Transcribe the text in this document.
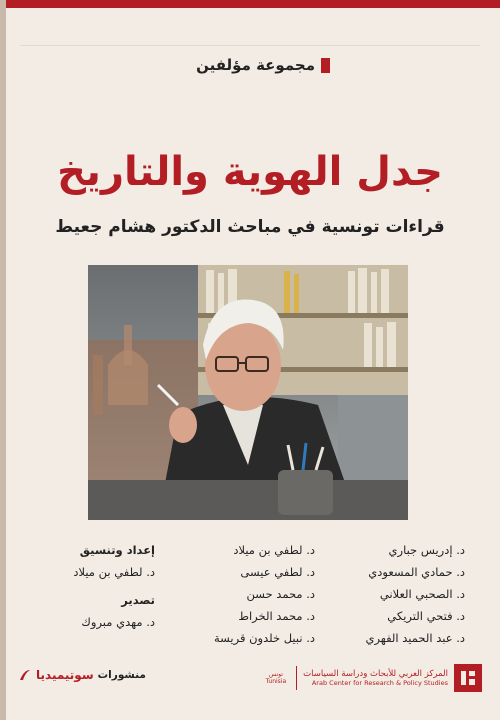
مجموعة مؤلفين
جدل الهوية والتاريخ
قراءات تونسية في مباحث الدكتور هشام جعيط
د. إدريس جباري
د. حمادي المسعودي
د. الصحبي العلاني
د. فتحي التريكي
د. عبد الحميد الفهري
د. لطفي بن ميلاد
د. لطفي عيسى
د. محمد حسن
د. محمد الخراط
د. نبيل خلدون قريسة
إعداد وتنسيق
د. لطفي بن ميلاد
تصدير
د. مهدي مبروك
منشورات
سوتيميديا	تونس
Tunisia
المركز العربي للأبحاث ودراسة السياسات
Arab Center for Research & Policy Studies
